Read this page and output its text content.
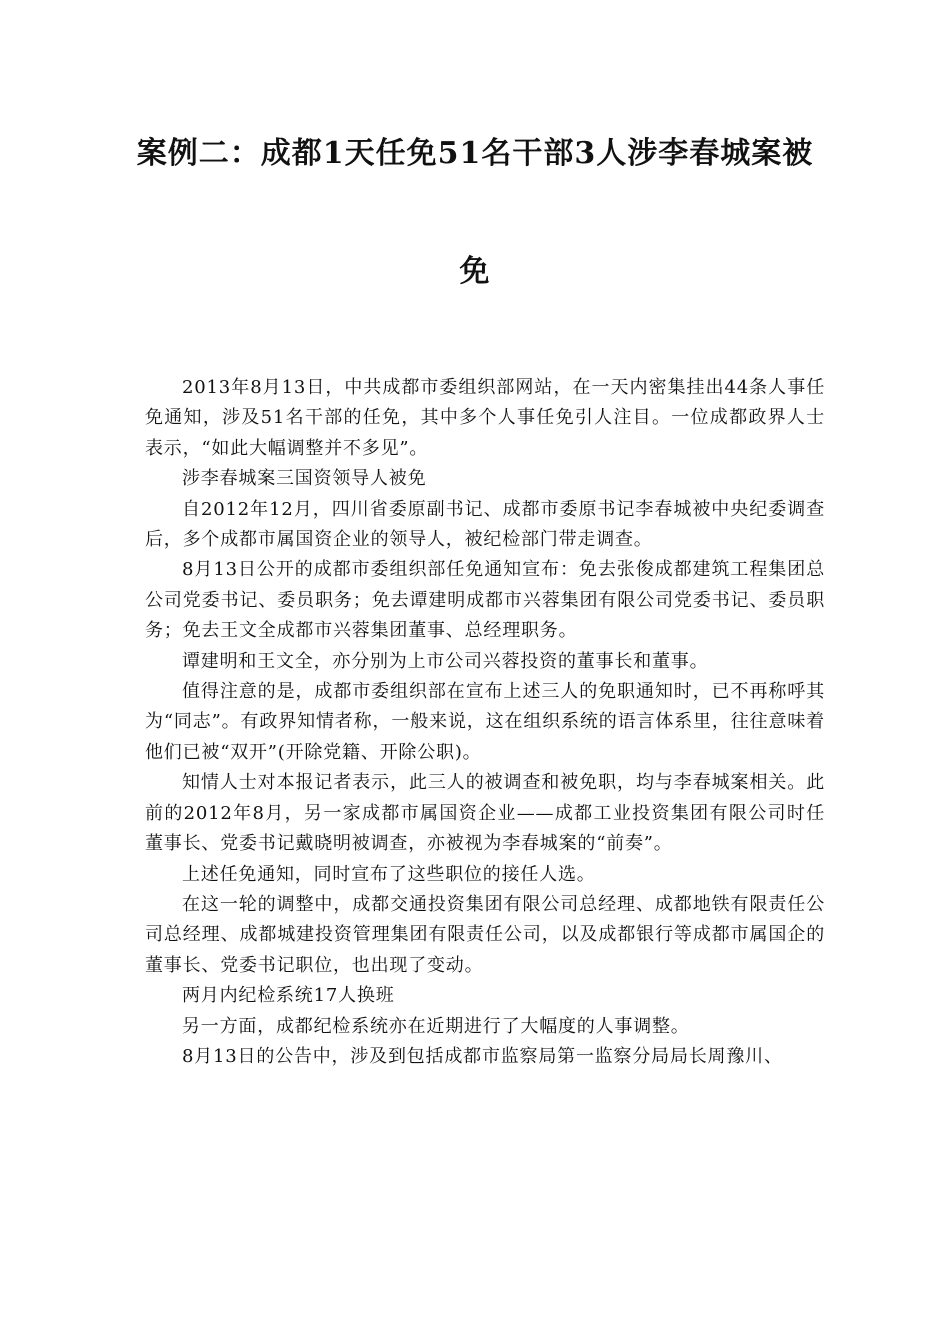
案例二：成都1天任免51名干部3人涉李春城案被
免

2013年8月13日，中共成都市委组织部网站，在一天内密集挂出44条人事任免通知，涉及51名干部的任免，其中多个人事任免引人注目。一位成都政界人士表示，“如此大幅调整并不多见”。

涉李春城案三国资领导人被免

自2012年12月，四川省委原副书记、成都市委原书记李春城被中央纪委调查后，多个成都市属国资企业的领导人，被纪检部门带走调查。

8月13日公开的成都市委组织部任免通知宣布：免去张俊成都建筑工程集团总公司党委书记、委员职务；免去谭建明成都市兴蓉集团有限公司党委书记、委员职务；免去王文全成都市兴蓉集团董事、总经理职务。

谭建明和王文全，亦分别为上市公司兴蓉投资的董事长和董事。

值得注意的是，成都市委组织部在宣布上述三人的免职通知时，已不再称呼其为“同志”。有政界知情者称，一般来说，这在组织系统的语言体系里，往往意味着他们已被“双开”(开除党籍、开除公职)。

知情人士对本报记者表示，此三人的被调查和被免职，均与李春城案相关。此前的2012年8月，另一家成都市属国资企业——成都工业投资集团有限公司时任董事长、党委书记戴晓明被调查，亦被视为李春城案的“前奏”。

上述任免通知，同时宣布了这些职位的接任人选。

在这一轮的调整中，成都交通投资集团有限公司总经理、成都地铁有限责任公司总经理、成都城建投资管理集团有限责任公司，以及成都银行等成都市属国企的董事长、党委书记职位，也出现了变动。

两月内纪检系统17人换班

另一方面，成都纪检系统亦在近期进行了大幅度的人事调整。

8月13日的公告中，涉及到包括成都市监察局第一监察分局局长周豫川、
